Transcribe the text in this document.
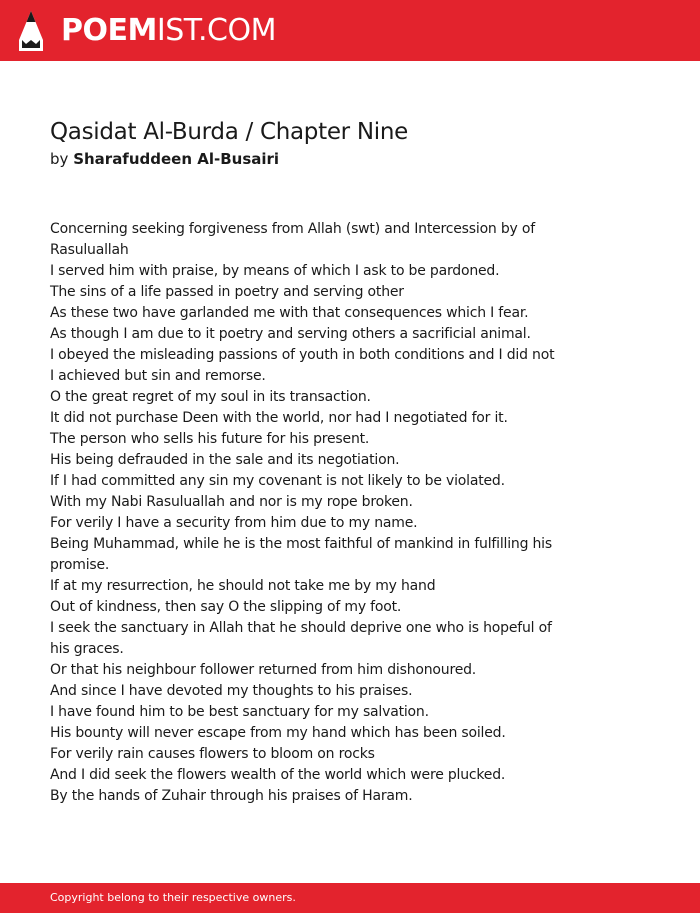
POEMIST.COM
Qasidat Al-Burda / Chapter Nine
by Sharafuddeen Al-Busairi
Concerning seeking forgiveness from Allah (swt) and Intercession by of
Rasuluallah
I served him with praise, by means of which I ask to be pardoned.
The sins of a life passed in poetry and serving other
As these two have garlanded me with that consequences which I fear.
As though I am due to it poetry and serving others a sacrificial animal.
I obeyed the misleading passions of youth in both conditions and I did not
I achieved but sin and remorse.
O the great regret of my soul in its transaction.
It did not purchase Deen with the world, nor had I negotiated for it.
The person who sells his future for his present.
His being defrauded in the sale and its negotiation.
If I had committed any sin my covenant is not likely to be violated.
With my Nabi Rasuluallah and nor is my rope broken.
For verily I have a security from him due to my name.
Being Muhammad, while he is the most faithful of mankind in fulfilling his
promise.
If at my resurrection, he should not take me by my hand
Out of kindness, then say O the slipping of my foot.
I seek the sanctuary in Allah that he should deprive one who is hopeful of
his graces.
Or that his neighbour follower returned from him dishonoured.
And since I have devoted my thoughts to his praises.
I have found him to be best sanctuary for my salvation.
His bounty will never escape from my hand which has been soiled.
For verily rain causes flowers to bloom on rocks
And I did seek the flowers wealth of the world which were plucked.
By the hands of Zuhair through his praises of Haram.
Copyright belong to their respective owners.
